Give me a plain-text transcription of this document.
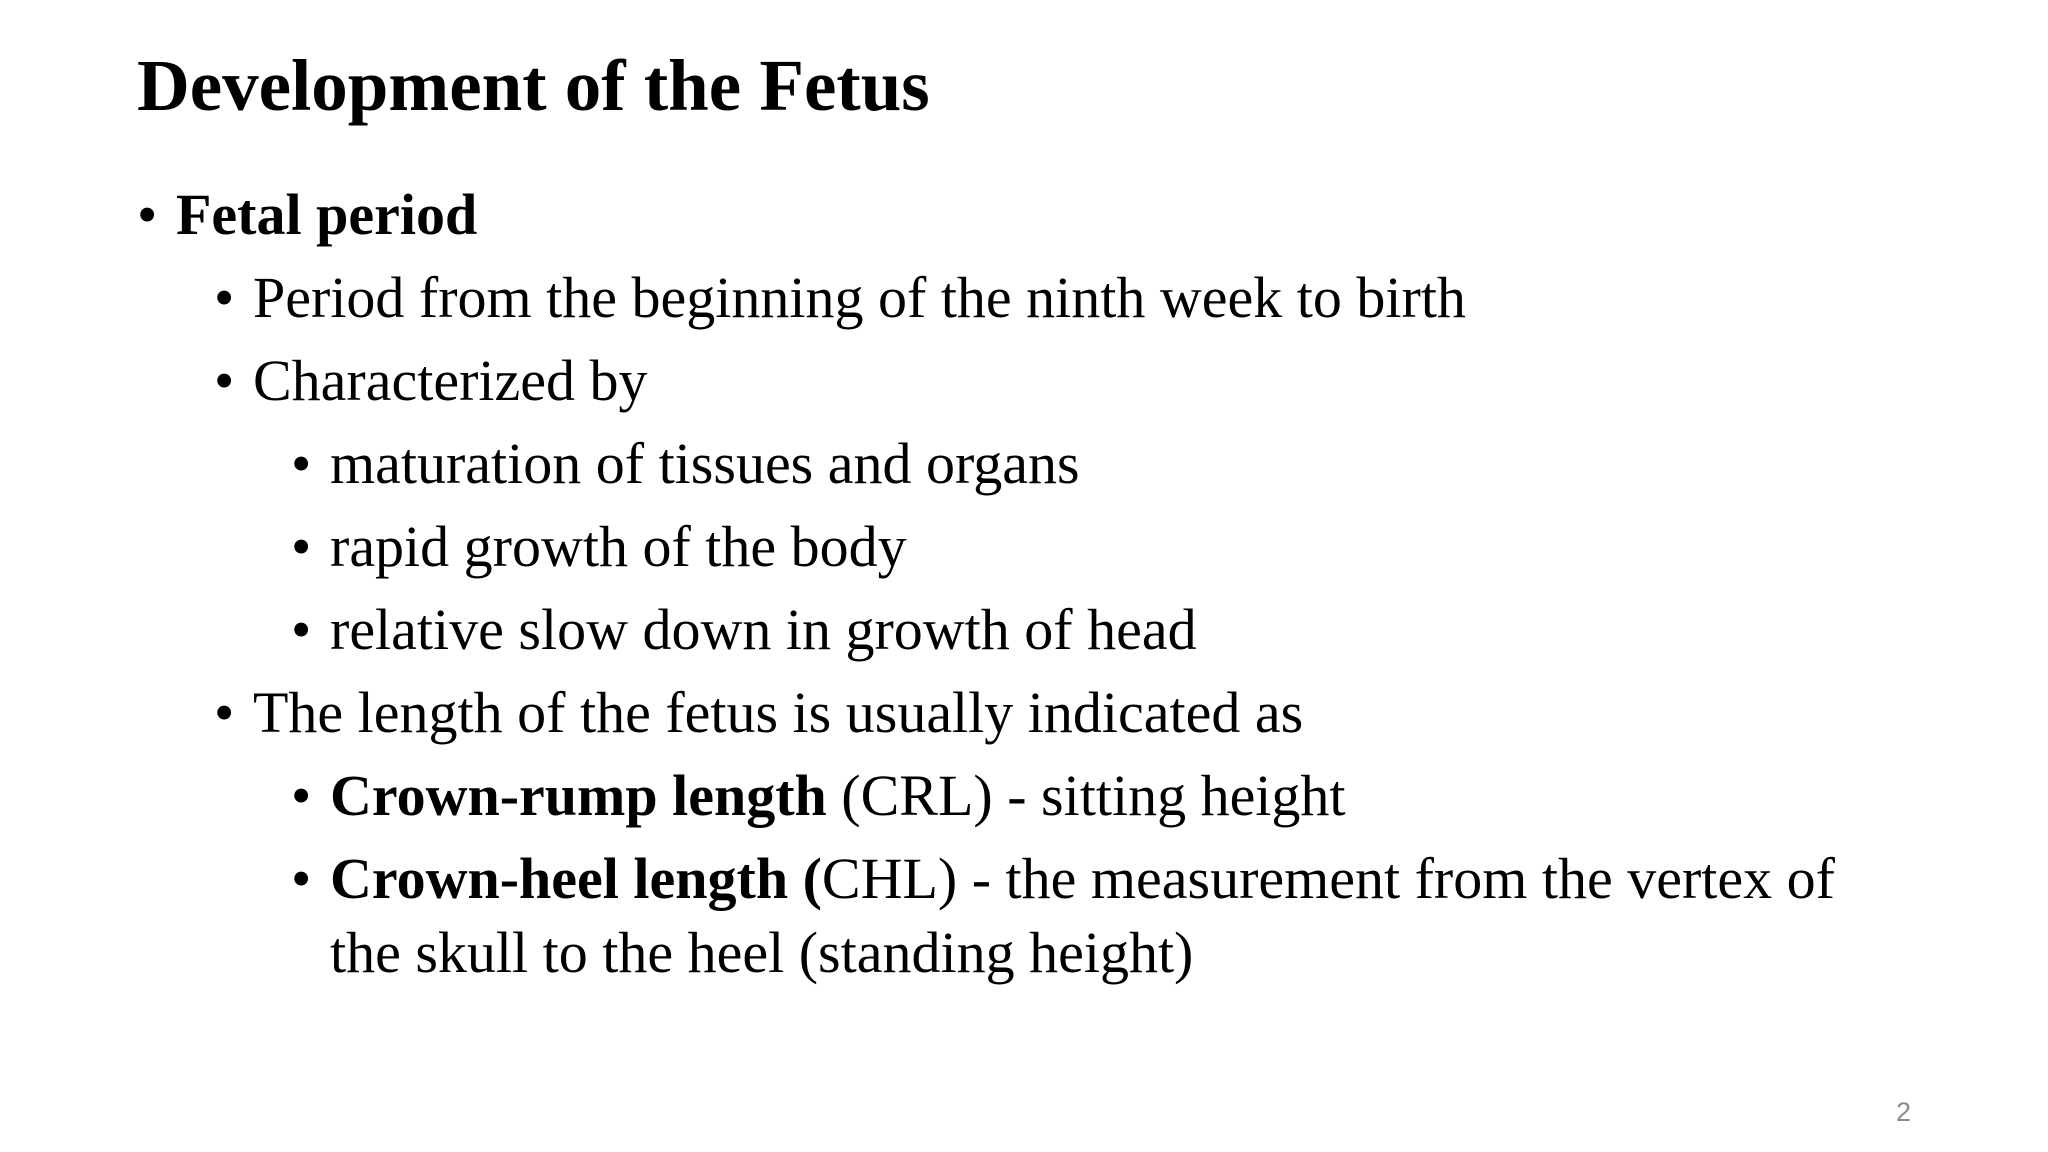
Development of the Fetus
• Fetal period
• Period from the beginning of the ninth week to birth
• Characterized by
• maturation of tissues and organs
• rapid growth of the body
• relative slow down in growth of head
• The length of the fetus is usually indicated as
• Crown-rump length (CRL) - sitting height
• Crown-heel length (CHL) - the measurement from the vertex of
the skull to the heel (standing height)
2
